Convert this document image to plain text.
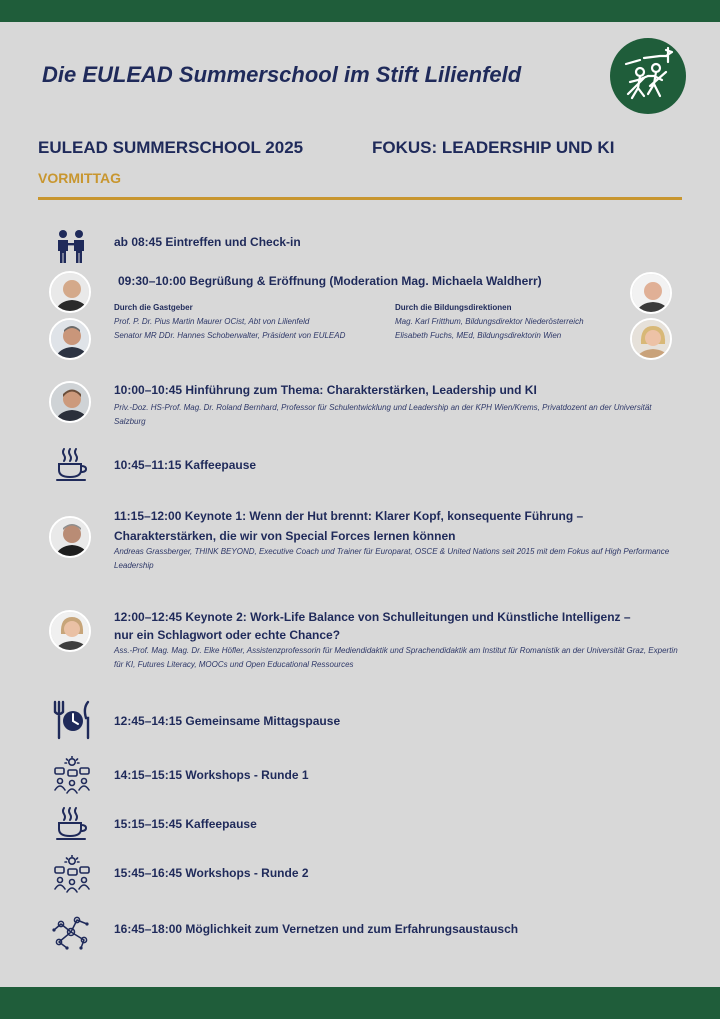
Die EULEAD Summerschool im Stift Lilienfeld
EULEAD SUMMERSCHOOL 2025	FOKUS: LEADERSHIP UND KI
VORMITTAG
ab 08:45 Eintreffen und Check-in
09:30–10:00 Begrüßung & Eröffnung (Moderation Mag. Michaela Waldherr)
Durch die Gastgeber
Prof. P. Dr. Pius Martin Maurer OCist, Abt von Lilienfeld
Senator MR DDr. Hannes Schoberwalter, Präsident von EULEAD
Durch die Bildungsdirektionen
Mag. Karl Fritthum, Bildungsdirektor Niederösterreich
Elisabeth Fuchs, MEd, Bildungsdirektorin Wien
10:00–10:45 Hinführung zum Thema: Charakterstärken, Leadership und KI
Priv.-Doz. HS-Prof. Mag. Dr. Roland Bernhard, Professor für Schulentwicklung und Leadership an der KPH Wien/Krems, Privatdozent an der Universität Salzburg
10:45–11:15 Kaffeepause
11:15–12:00 Keynote 1: Wenn der Hut brennt: Klarer Kopf, konsequente Führung –
Charakterstärken, die wir von Special Forces lernen können
Andreas Grassberger, THINK BEYOND, Executive Coach und Trainer für Europarat, OSCE & United Nations seit 2015 mit dem Fokus auf High Performance Leadership
12:00–12:45 Keynote 2: Work-Life Balance von Schulleitungen und Künstliche Intelligenz –
nur ein Schlagwort oder echte Chance?
Ass.-Prof. Mag. Mag. Dr. Elke Höfler, Assistenzprofessorin für Mediendidaktik und Sprachendidaktik am Institut für Romanistik an der Universität Graz, Expertin für KI, Futures Literacy, MOOCs und Open Educational Ressources
12:45–14:15 Gemeinsame Mittagspause
14:15–15:15 Workshops - Runde 1
15:15–15:45 Kaffeepause
15:45–16:45 Workshops - Runde 2
16:45–18:00 Möglichkeit zum Vernetzen und zum Erfahrungsaustausch
